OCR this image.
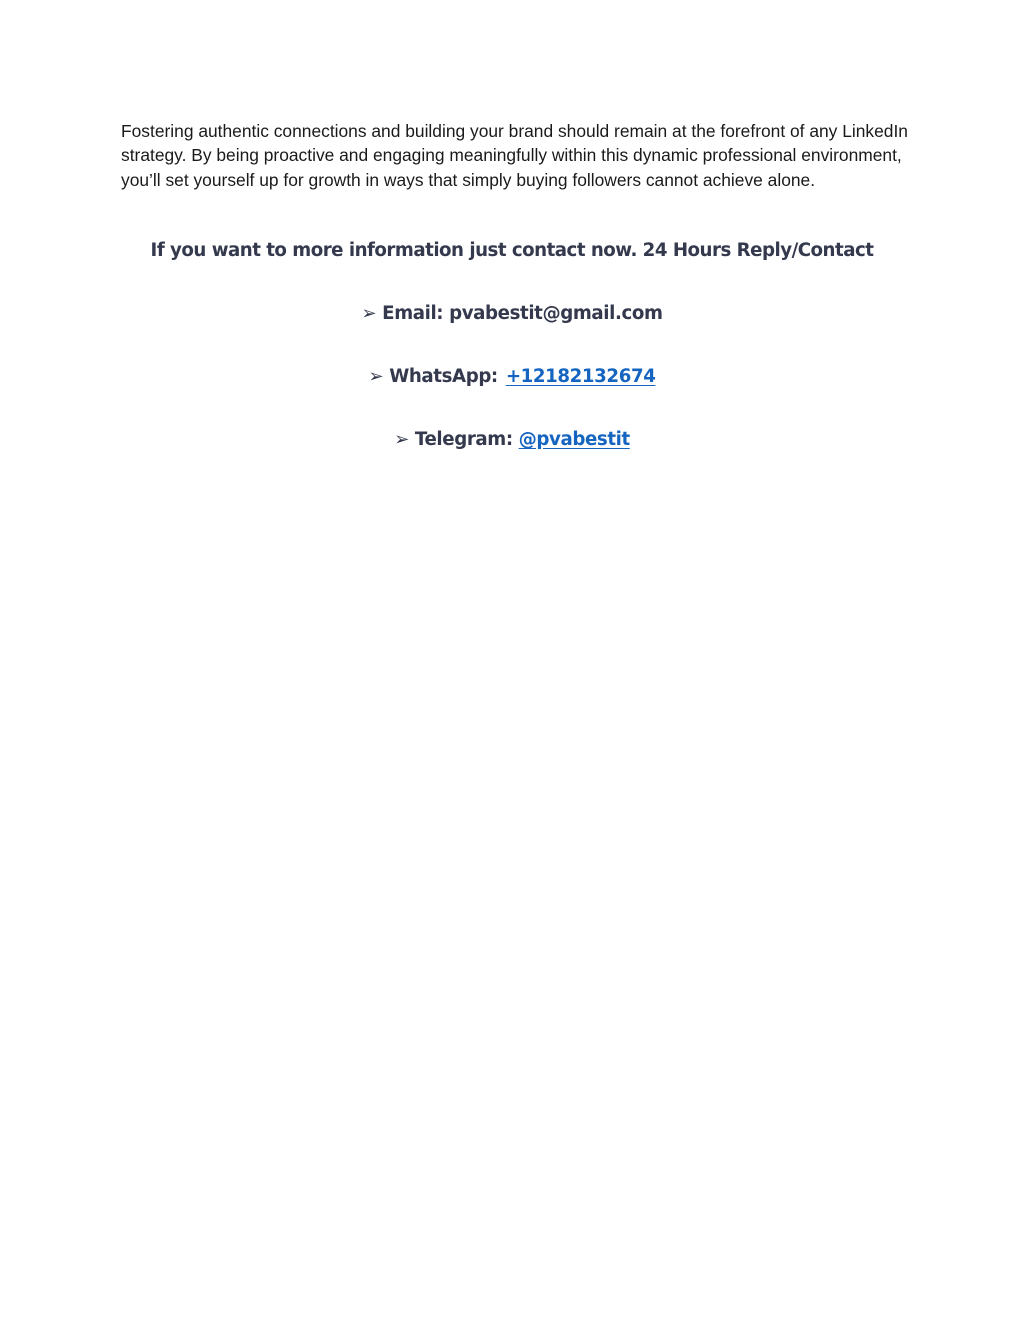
Fostering authentic connections and building your brand should remain at the forefront of any LinkedIn strategy. By being proactive and engaging meaningfully within this dynamic professional environment, you’ll set yourself up for growth in ways that simply buying followers cannot achieve alone.

If you want to more information just contact now. 24 Hours Reply/Contact

➢ Email: pvabestit@gmail.com

➢ WhatsApp: +12182132674

➢ Telegram: @pvabestit
